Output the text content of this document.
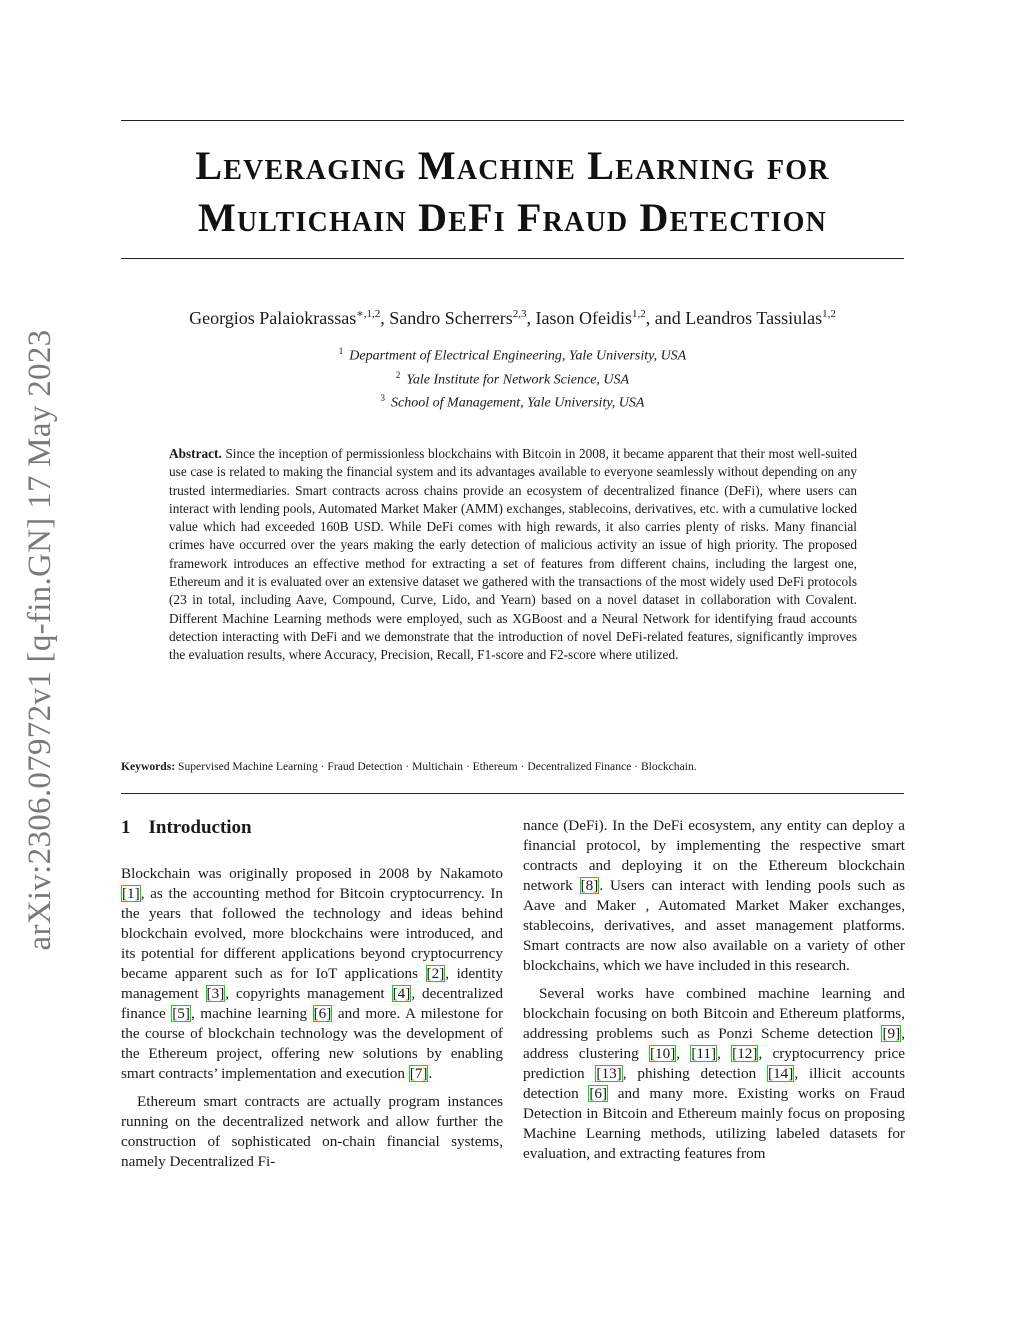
arXiv:2306.07972v1 [q-fin.GN] 17 May 2023
Leveraging Machine Learning for
Multichain DeFi Fraud Detection
Georgios Palaiokrassas$^{∗,1,2}$, Sandro Scherrers$^{2,3}$, Iason Ofeidis$^{1,2}$, and Leandros Tassiulas$^{1,2}$
$^1$ Department of Electrical Engineering, Yale University, USA
$^2$ Yale Institute for Network Science, USA
$^3$ School of Management, Yale University, USA
Abstract. Since the inception of permissionless blockchains with Bitcoin in 2008, it became apparent that their most well-suited use case is related to making the financial system and its advantages available to everyone seamlessly without depending on any trusted intermediaries. Smart contracts across chains provide an ecosystem of decentralized finance (DeFi), where users can interact with lending pools, Automated Market Maker (AMM) exchanges, stablecoins, derivatives, etc. with a cumulative locked value which had exceeded 160B USD. While DeFi comes with high rewards, it also carries plenty of risks. Many financial crimes have occurred over the years making the early detection of malicious activity an issue of high priority. The proposed framework introduces an effective method for extracting a set of features from different chains, including the largest one, Ethereum and it is evaluated over an extensive dataset we gathered with the transactions of the most widely used DeFi protocols (23 in total, including Aave, Compound, Curve, Lido, and Yearn) based on a novel dataset in collaboration with Covalent. Different Machine Learning methods were employed, such as XGBoost and a Neural Network for identifying fraud accounts detection interacting with DeFi and we demonstrate that the introduction of novel DeFi-related features, significantly improves the evaluation results, where Accuracy, Precision, Recall, F1-score and F2-score where utilized.
Keywords: Supervised Machine Learning · Fraud Detection · Multichain · Ethereum · Decentralized Finance · Blockchain.
1 Introduction

Blockchain was originally proposed in 2008 by Nakamoto [1], as the accounting method for Bitcoin cryptocurrency. In the years that followed the technology and ideas behind blockchain evolved, more blockchains were introduced, and its potential for different applications beyond cryptocurrency became apparent such as for IoT applications [2], identity management [3], copyrights management [4], decentralized finance [5], machine learning [6] and more. A milestone for the course of blockchain technology was the development of the Ethereum project, offering new solutions by enabling smart contracts’ implementation and execution [7].

Ethereum smart contracts are actually program instances running on the decentralized network and allow further the construction of sophisticated on-chain financial systems, namely Decentralized Fi-

nance (DeFi). In the DeFi ecosystem, any entity can deploy a financial protocol, by implementing the respective smart contracts and deploying it on the Ethereum blockchain network [8]. Users can interact with lending pools such as Aave and Maker , Automated Market Maker exchanges, stablecoins, derivatives, and asset management platforms. Smart contracts are now also available on a variety of other blockchains, which we have included in this research.

Several works have combined machine learning and blockchain focusing on both Bitcoin and Ethereum platforms, addressing problems such as Ponzi Scheme detection [9], address clustering [10], [11], [12], cryptocurrency price prediction [13], phishing detection [14], illicit accounts detection [6] and many more. Existing works on Fraud Detection in Bitcoin and Ethereum mainly focus on proposing Machine Learning methods, utilizing labeled datasets for evaluation, and extracting features from
